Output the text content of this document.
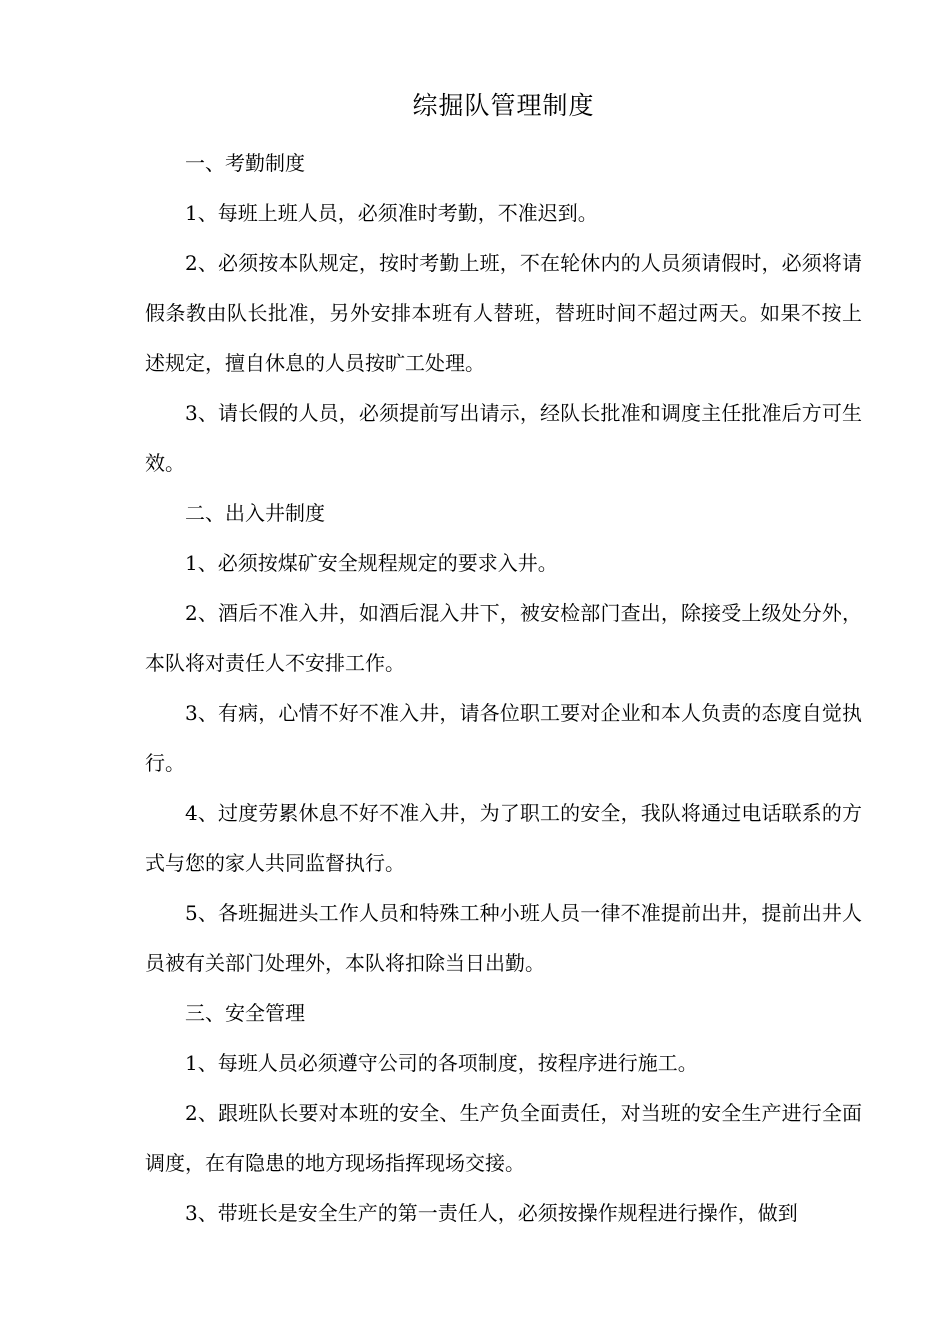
综掘队管理制度

一、考勤制度

1、每班上班人员，必须准时考勤，不准迟到。

2、必须按本队规定，按时考勤上班，不在轮休内的人员须请假时，必须将请假条教由队长批准，另外安排本班有人替班，替班时间不超过两天。如果不按上述规定，擅自休息的人员按旷工处理。

3、请长假的人员，必须提前写出请示，经队长批准和调度主任批准后方可生效。

二、出入井制度

1、必须按煤矿安全规程规定的要求入井。

2、酒后不准入井，如酒后混入井下，被安检部门查出，除接受上级处分外，本队将对责任人不安排工作。

3、有病，心情不好不准入井，请各位职工要对企业和本人负责的态度自觉执行。

4、过度劳累休息不好不准入井，为了职工的安全，我队将通过电话联系的方式与您的家人共同监督执行。

5、各班掘进头工作人员和特殊工种小班人员一律不准提前出井，提前出井人员被有关部门处理外，本队将扣除当日出勤。

三、安全管理

1、每班人员必须遵守公司的各项制度，按程序进行施工。

2、跟班队长要对本班的安全、生产负全面责任，对当班的安全生产进行全面调度，在有隐患的地方现场指挥现场交接。

3、带班长是安全生产的第一责任人，必须按操作规程进行操作，做到
